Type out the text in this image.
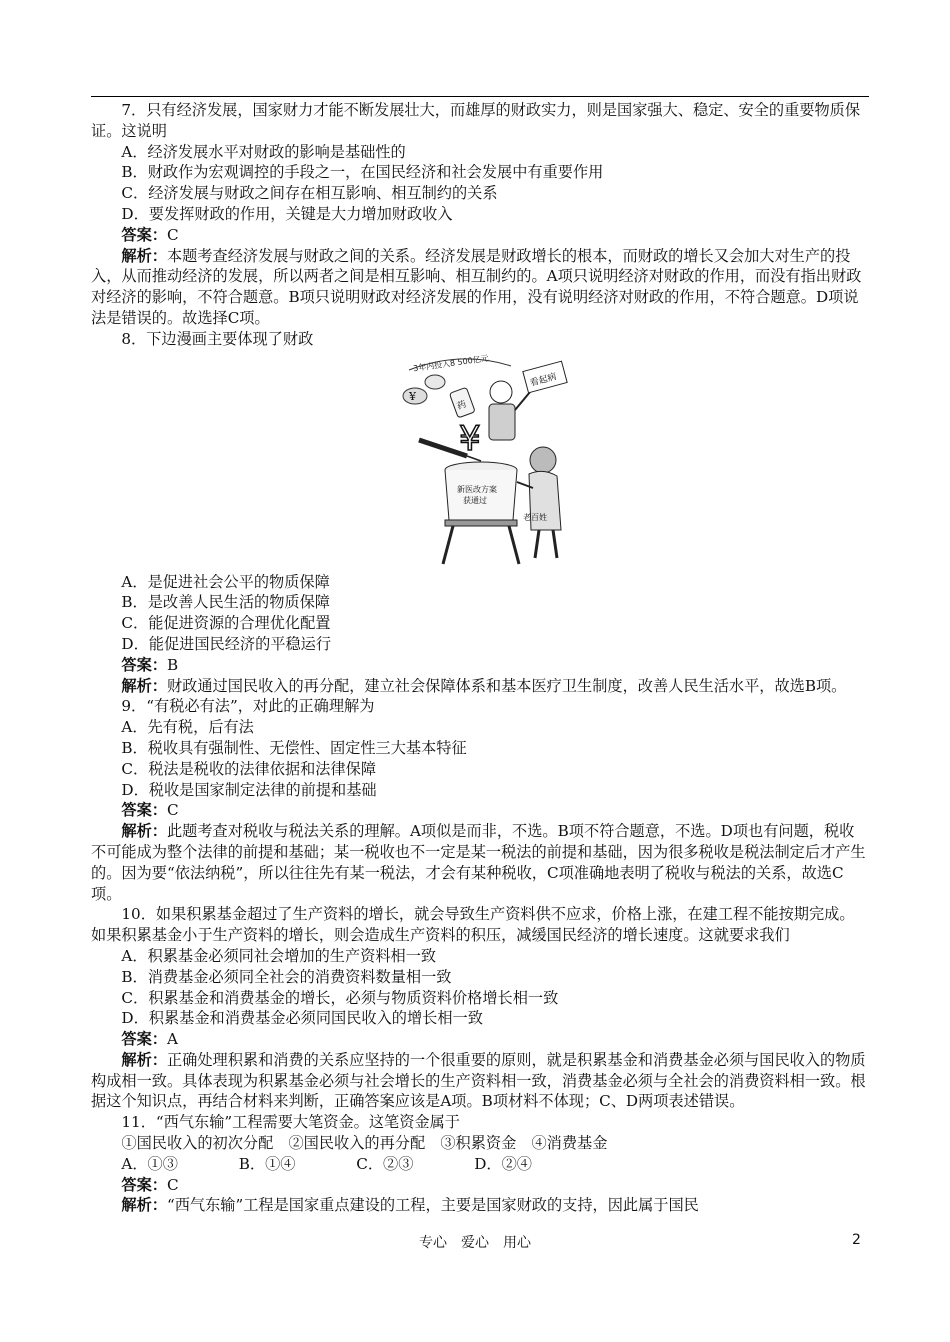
7．只有经济发展，国家财力才能不断发展壮大，而雄厚的财政实力，则是国家强大、稳定、安全的重要物质保证。这说明

A．经济发展水平对财政的影响是基础性的

B．财政作为宏观调控的手段之一，在国民经济和社会发展中有重要作用

C．经济发展与财政之间存在相互影响、相互制约的关系

D．要发挥财政的作用，关键是大力增加财政收入

答案：C

解析：本题考查经济发展与财政之间的关系。经济发展是财政增长的根本，而财政的增长又会加大对生产的投入，从而推动经济的发展，所以两者之间是相互影响、相互制约的。A项只说明经济对财政的作用，而没有指出财政对经济的影响，不符合题意。B项只说明财政对经济发展的作用，没有说明经济对财政的作用，不符合题意。D项说法是错误的。故选择C项。

8．下边漫画主要体现了财政

3年内投入8 500亿元
¥
药
看起病
¥
新医改方案获通过
老百姓

A．是促进社会公平的物质保障

B．是改善人民生活的物质保障

C．能促进资源的合理优化配置

D．能促进国民经济的平稳运行

答案：B

解析：财政通过国民收入的再分配，建立社会保障体系和基本医疗卫生制度，改善人民生活水平，故选B项。

9．“有税必有法”，对此的正确理解为

A．先有税，后有法

B．税收具有强制性、无偿性、固定性三大基本特征

C．税法是税收的法律依据和法律保障

D．税收是国家制定法律的前提和基础

答案：C

解析：此题考查对税收与税法关系的理解。A项似是而非，不选。B项不符合题意，不选。D项也有问题，税收不可能成为整个法律的前提和基础；某一税收也不一定是某一税法的前提和基础，因为很多税收是税法制定后才产生的。因为要“依法纳税”，所以往往先有某一税法，才会有某种税收，C项准确地表明了税收与税法的关系，故选C项。

10．如果积累基金超过了生产资料的增长，就会导致生产资料供不应求，价格上涨，在建工程不能按期完成。如果积累基金小于生产资料的增长，则会造成生产资料的积压，减缓国民经济的增长速度。这就要求我们

A．积累基金必须同社会增加的生产资料相一致

B．消费基金必须同全社会的消费资料数量相一致

C．积累基金和消费基金的增长，必须与物质资料价格增长相一致

D．积累基金和消费基金必须同国民收入的增长相一致

答案：A

解析：正确处理积累和消费的关系应坚持的一个很重要的原则，就是积累基金和消费基金必须与国民收入的物质构成相一致。具体表现为积累基金必须与社会增长的生产资料相一致，消费基金必须与全社会的消费资料相一致。根据这个知识点，再结合材料来判断，正确答案应该是A项。B项材料不体现；C、D两项表述错误。

11．“西气东输”工程需要大笔资金。这笔资金属于

①国民收入的初次分配　②国民收入的再分配　③积累资金　④消费基金

A．①③	B．①④	C．②③	D．②④

答案：C

解析：“西气东输”工程是国家重点建设的工程，主要是国家财政的支持，因此属于国民

专心　爱心　用心	2
